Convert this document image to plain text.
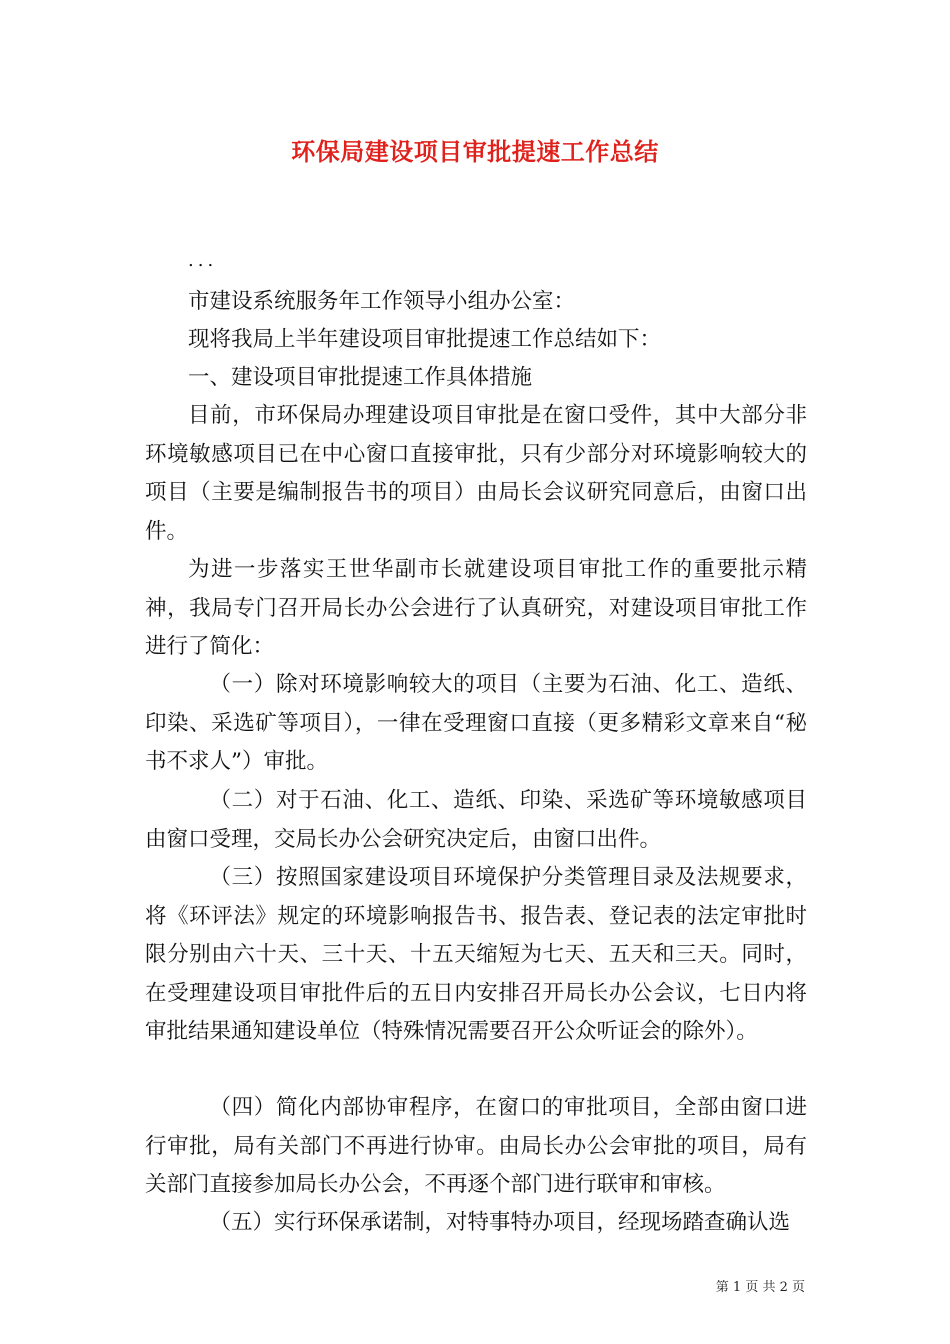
环保局建设项目审批提速工作总结
...

市建设系统服务年工作领导小组办公室：

现将我局上半年建设项目审批提速工作总结如下：

一、建设项目审批提速工作具体措施

目前，市环保局办理建设项目审批是在窗口受件，其中大部分非环境敏感项目已在中心窗口直接审批，只有少部分对环境影响较大的项目（主要是编制报告书的项目）由局长会议研究同意后，由窗口出件。

为进一步落实王世华副市长就建设项目审批工作的重要批示精神，我局专门召开局长办公会进行了认真研究，对建设项目审批工作进行了简化：

（一）除对环境影响较大的项目（主要为石油、化工、造纸、印染、采选矿等项目），一律在受理窗口直接（更多精彩文章来自“秘书不求人”）审批。

（二）对于石油、化工、造纸、印染、采选矿等环境敏感项目由窗口受理，交局长办公会研究决定后，由窗口出件。

（三）按照国家建设项目环境保护分类管理目录及法规要求，将《环评法》规定的环境影响报告书、报告表、登记表的法定审批时限分别由六十天、三十天、十五天缩短为七天、五天和三天。同时，在受理建设项目审批件后的五日内安排召开局长办公会议，七日内将审批结果通知建设单位（特殊情况需要召开公众听证会的除外）。

（四）简化内部协审程序，在窗口的审批项目，全部由窗口进行审批，局有关部门不再进行协审。由局长办公会审批的项目，局有关部门直接参加局长办公会，不再逐个部门进行联审和审核。

（五）实行环保承诺制，对特事特办项目，经现场踏查确认选

第 1 页 共 2 页
